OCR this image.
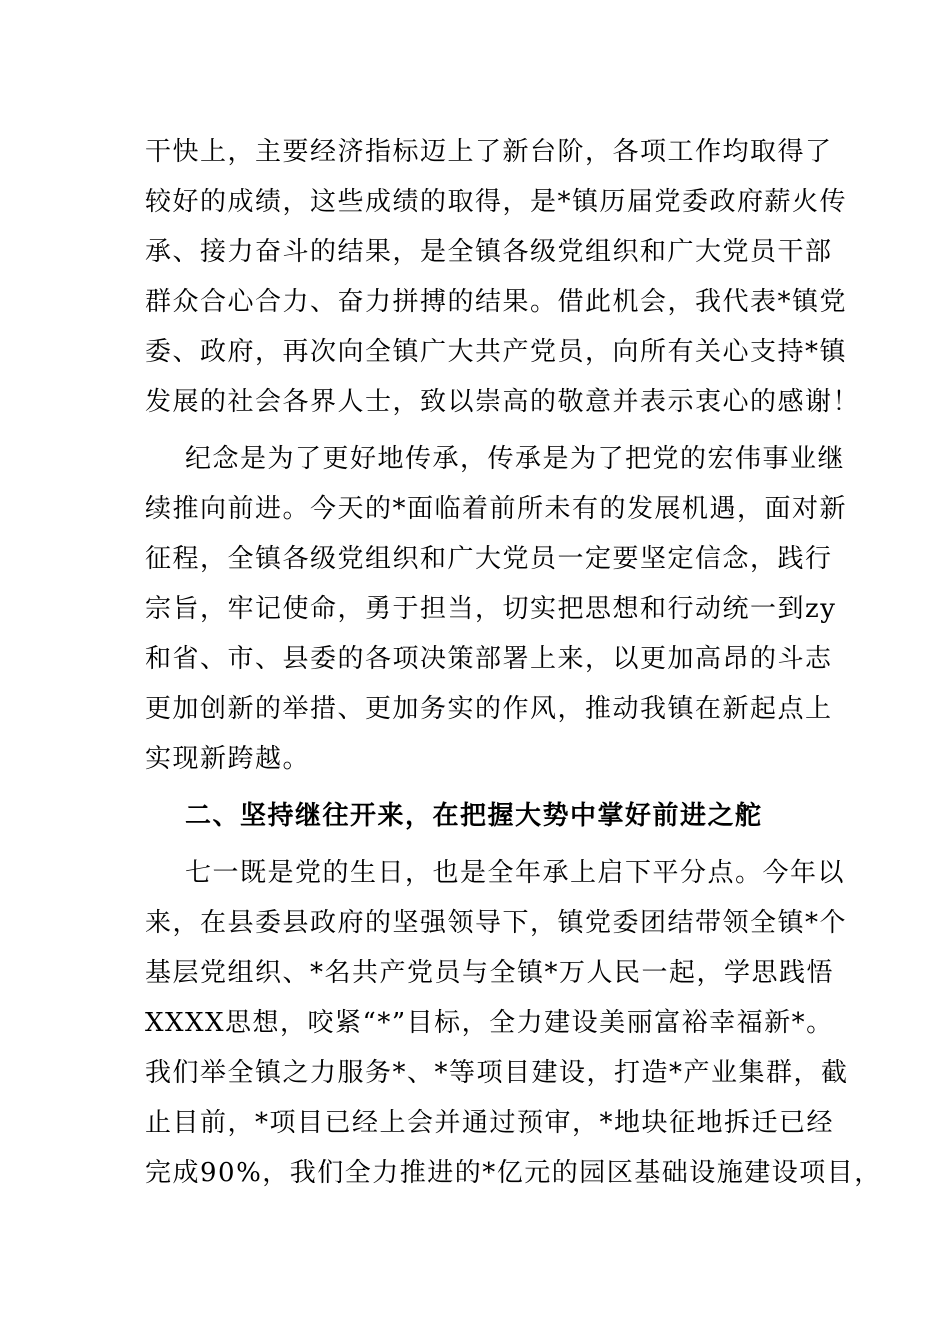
干快上，主要经济指标迈上了新台阶，各项工作均取得了
较好的成绩，这些成绩的取得，是*镇历届党委政府薪火传
承、接力奋斗的结果，是全镇各级党组织和广大党员干部
群众合心合力、奋力拼搏的结果。借此机会，我代表*镇党
委、政府，再次向全镇广大共产党员，向所有关心支持*镇
发展的社会各界人士，致以崇高的敬意并表示衷心的感谢！
纪念是为了更好地传承，传承是为了把党的宏伟事业继
续推向前进。今天的*面临着前所未有的发展机遇，面对新
征程，全镇各级党组织和广大党员一定要坚定信念，践行
宗旨，牢记使命，勇于担当，切实把思想和行动统一到zy
和省、市、县委的各项决策部署上来，以更加高昂的斗志
更加创新的举措、更加务实的作风，推动我镇在新起点上
实现新跨越。
二、坚持继往开来，在把握大势中掌好前进之舵
七一既是党的生日，也是全年承上启下平分点。今年以
来，在县委县政府的坚强领导下，镇党委团结带领全镇*个
基层党组织、*名共产党员与全镇*万人民一起，学思践悟
XXXX思想，咬紧“*”目标，全力建设美丽富裕幸福新*。
我们举全镇之力服务*、*等项目建设，打造*产业集群，截
止目前，*项目已经上会并通过预审，*地块征地拆迁已经
完成90%，我们全力推进的*亿元的园区基础设施建设项目，
